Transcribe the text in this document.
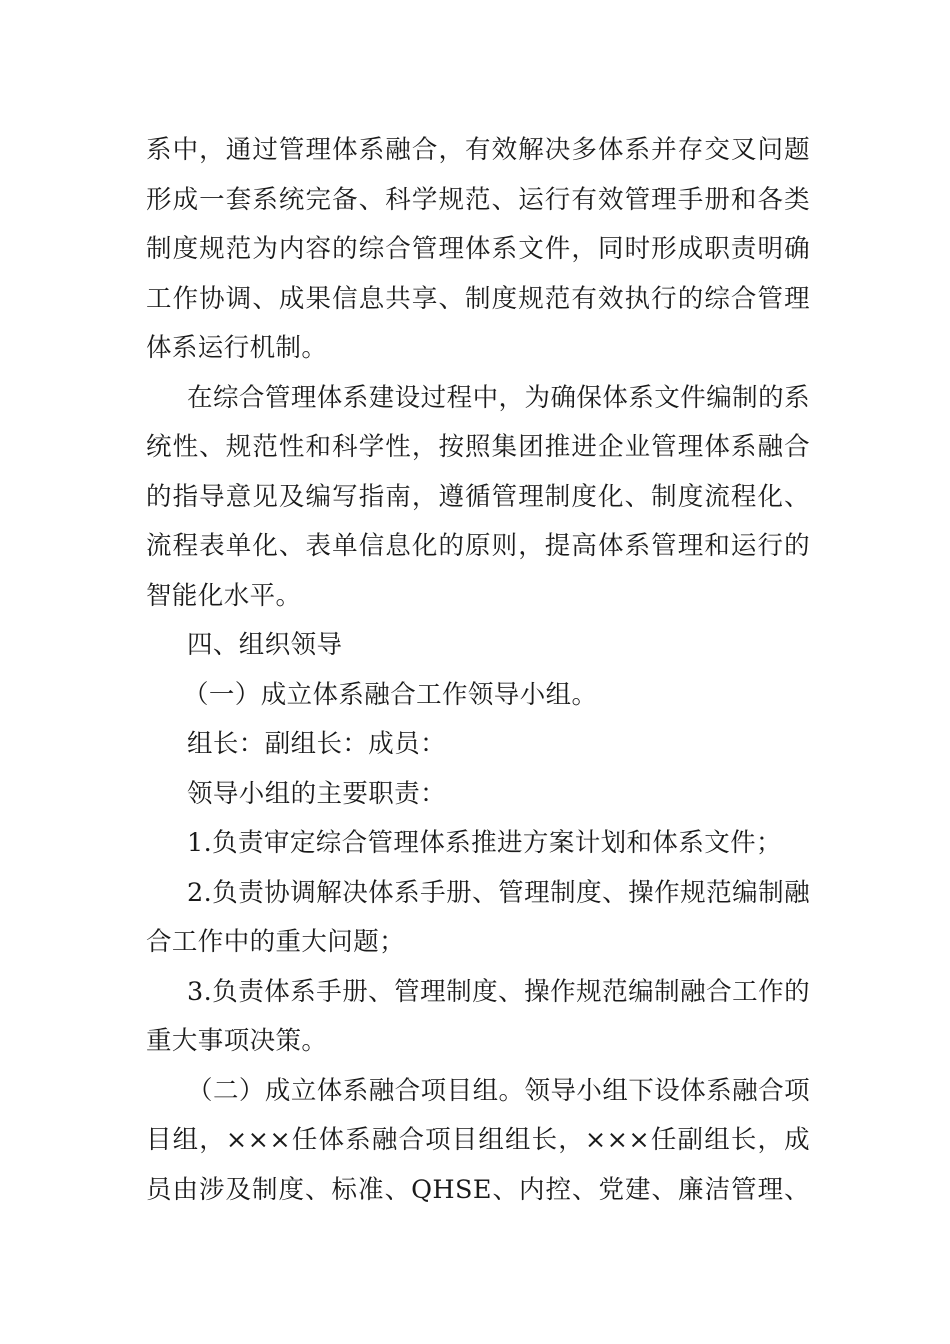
系中，通过管理体系融合，有效解决多体系并存交叉问题
形成一套系统完备、科学规范、运行有效管理手册和各类
制度规范为内容的综合管理体系文件，同时形成职责明确
工作协调、成果信息共享、制度规范有效执行的综合管理
体系运行机制。
在综合管理体系建设过程中，为确保体系文件编制的系
统性、规范性和科学性，按照集团推进企业管理体系融合
的指导意见及编写指南，遵循管理制度化、制度流程化、
流程表单化、表单信息化的原则，提高体系管理和运行的
智能化水平。
四、组织领导
（一）成立体系融合工作领导小组。
组长：副组长：成员：
领导小组的主要职责：
1.负责审定综合管理体系推进方案计划和体系文件；
2.负责协调解决体系手册、管理制度、操作规范编制融
合工作中的重大问题；
3.负责体系手册、管理制度、操作规范编制融合工作的
重大事项决策。
（二）成立体系融合项目组。领导小组下设体系融合项
目组，×××任体系融合项目组组长，×××任副组长，成
员由涉及制度、标准、QHSE、内控、党建、廉洁管理、
